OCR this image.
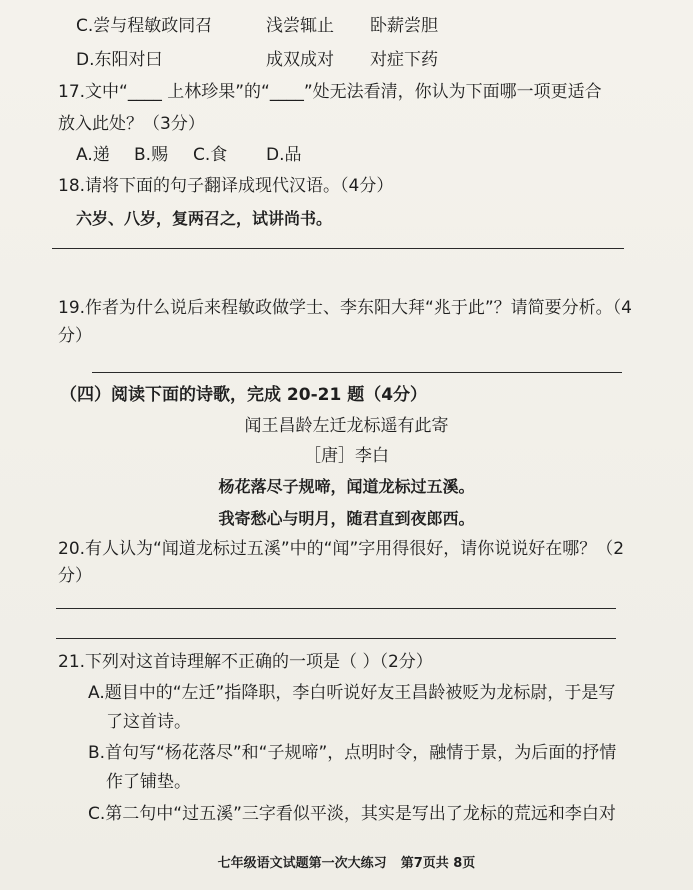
C.尝与程敏政同召	浅尝辄止 卧薪尝胆
D.东阳对曰	成双成对 对症下药
17.文中“____ 上林珍果”的“____”处无法看清，你认为下面哪一项更适合
放入此处？（3分）
A.递 B.赐 C.食 D.品
18.请将下面的句子翻译成现代汉语。（4分）
六岁、八岁，复两召之，试讲尚书。
19.作者为什么说后来程敏政做学士、李东阳大拜“兆于此”？请简要分析。（4
分）
（四）阅读下面的诗歌，完成 20-21 题（4分）
闻王昌龄左迁龙标遥有此寄
［唐］李白
杨花落尽子规啼，闻道龙标过五溪。
我寄愁心与明月，随君直到夜郎西。
20.有人认为“闻道龙标过五溪”中的“闻”字用得很好，请你说说好在哪？（2
分）
21.下列对这首诗理解不正确的一项是（ ）（2分）
A.题目中的“左迁”指降职，李白听说好友王昌龄被贬为龙标尉，于是写
了这首诗。
B.首句写“杨花落尽”和“子规啼”，点明时令，融情于景，为后面的抒情
作了铺垫。
C.第二句中“过五溪”三字看似平淡，其实是写出了龙标的荒远和李白对
七年级语文试题第一次大练习 第7页共 8页
